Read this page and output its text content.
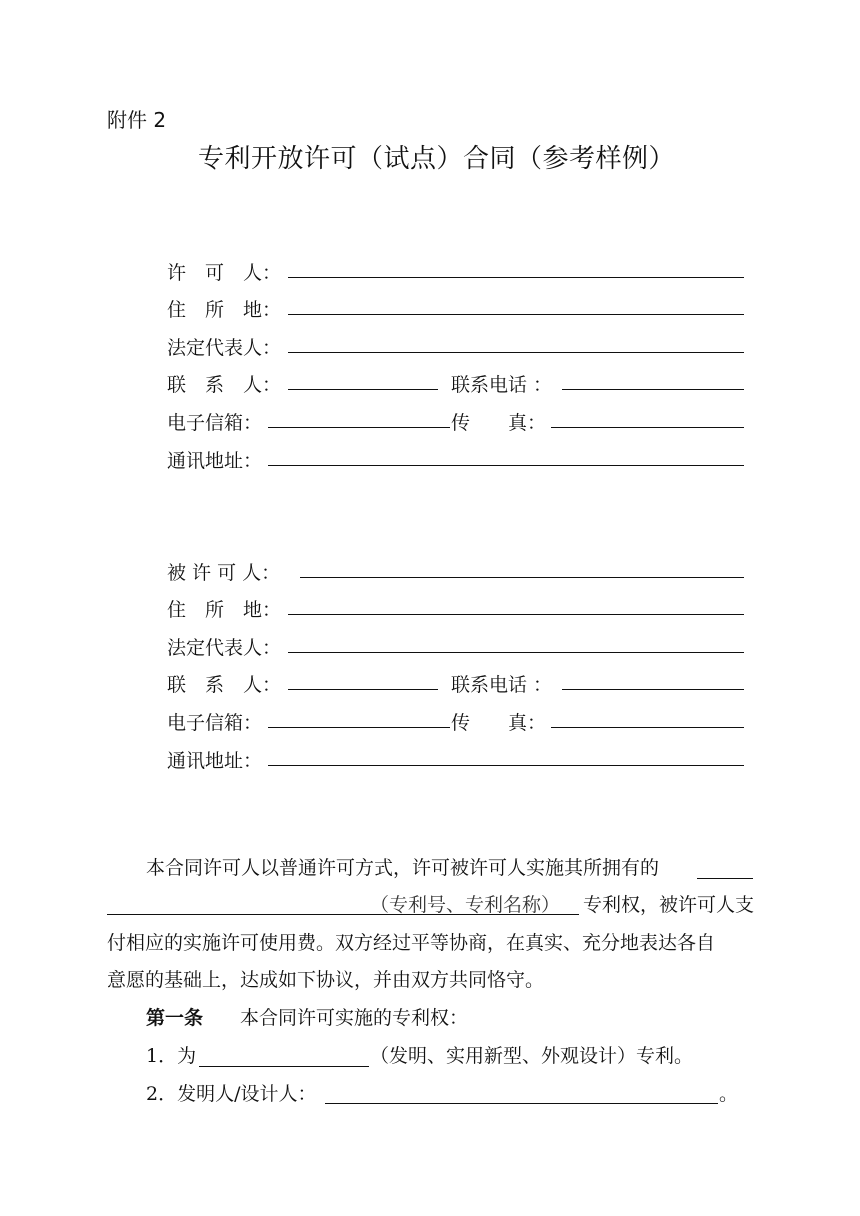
附件 2
专利开放许可（试点）合同（参考样例）
许　可　人：
住　所　地：
法定代表人：
联　系　人：	联系电话 ：
电子信箱：	传　　真：
通讯地址：
被 许 可 人：
住　所　地：
法定代表人：
联　系　人：	联系电话 ：
电子信箱：	传　　真：
通讯地址：
本合同许可人以普通许可方式，许可被许可人实施其所拥有的
（专利号、专利名称） 专利权，被许可人支
付相应的实施许可使用费。双方经过平等协商，在真实、充分地表达各自
意愿的基础上，达成如下协议，并由双方共同恪守。
第一条 本合同许可实施的专利权：
1．为	（发明、实用新型、外观设计）专利。
2．发明人/设计人：	。
